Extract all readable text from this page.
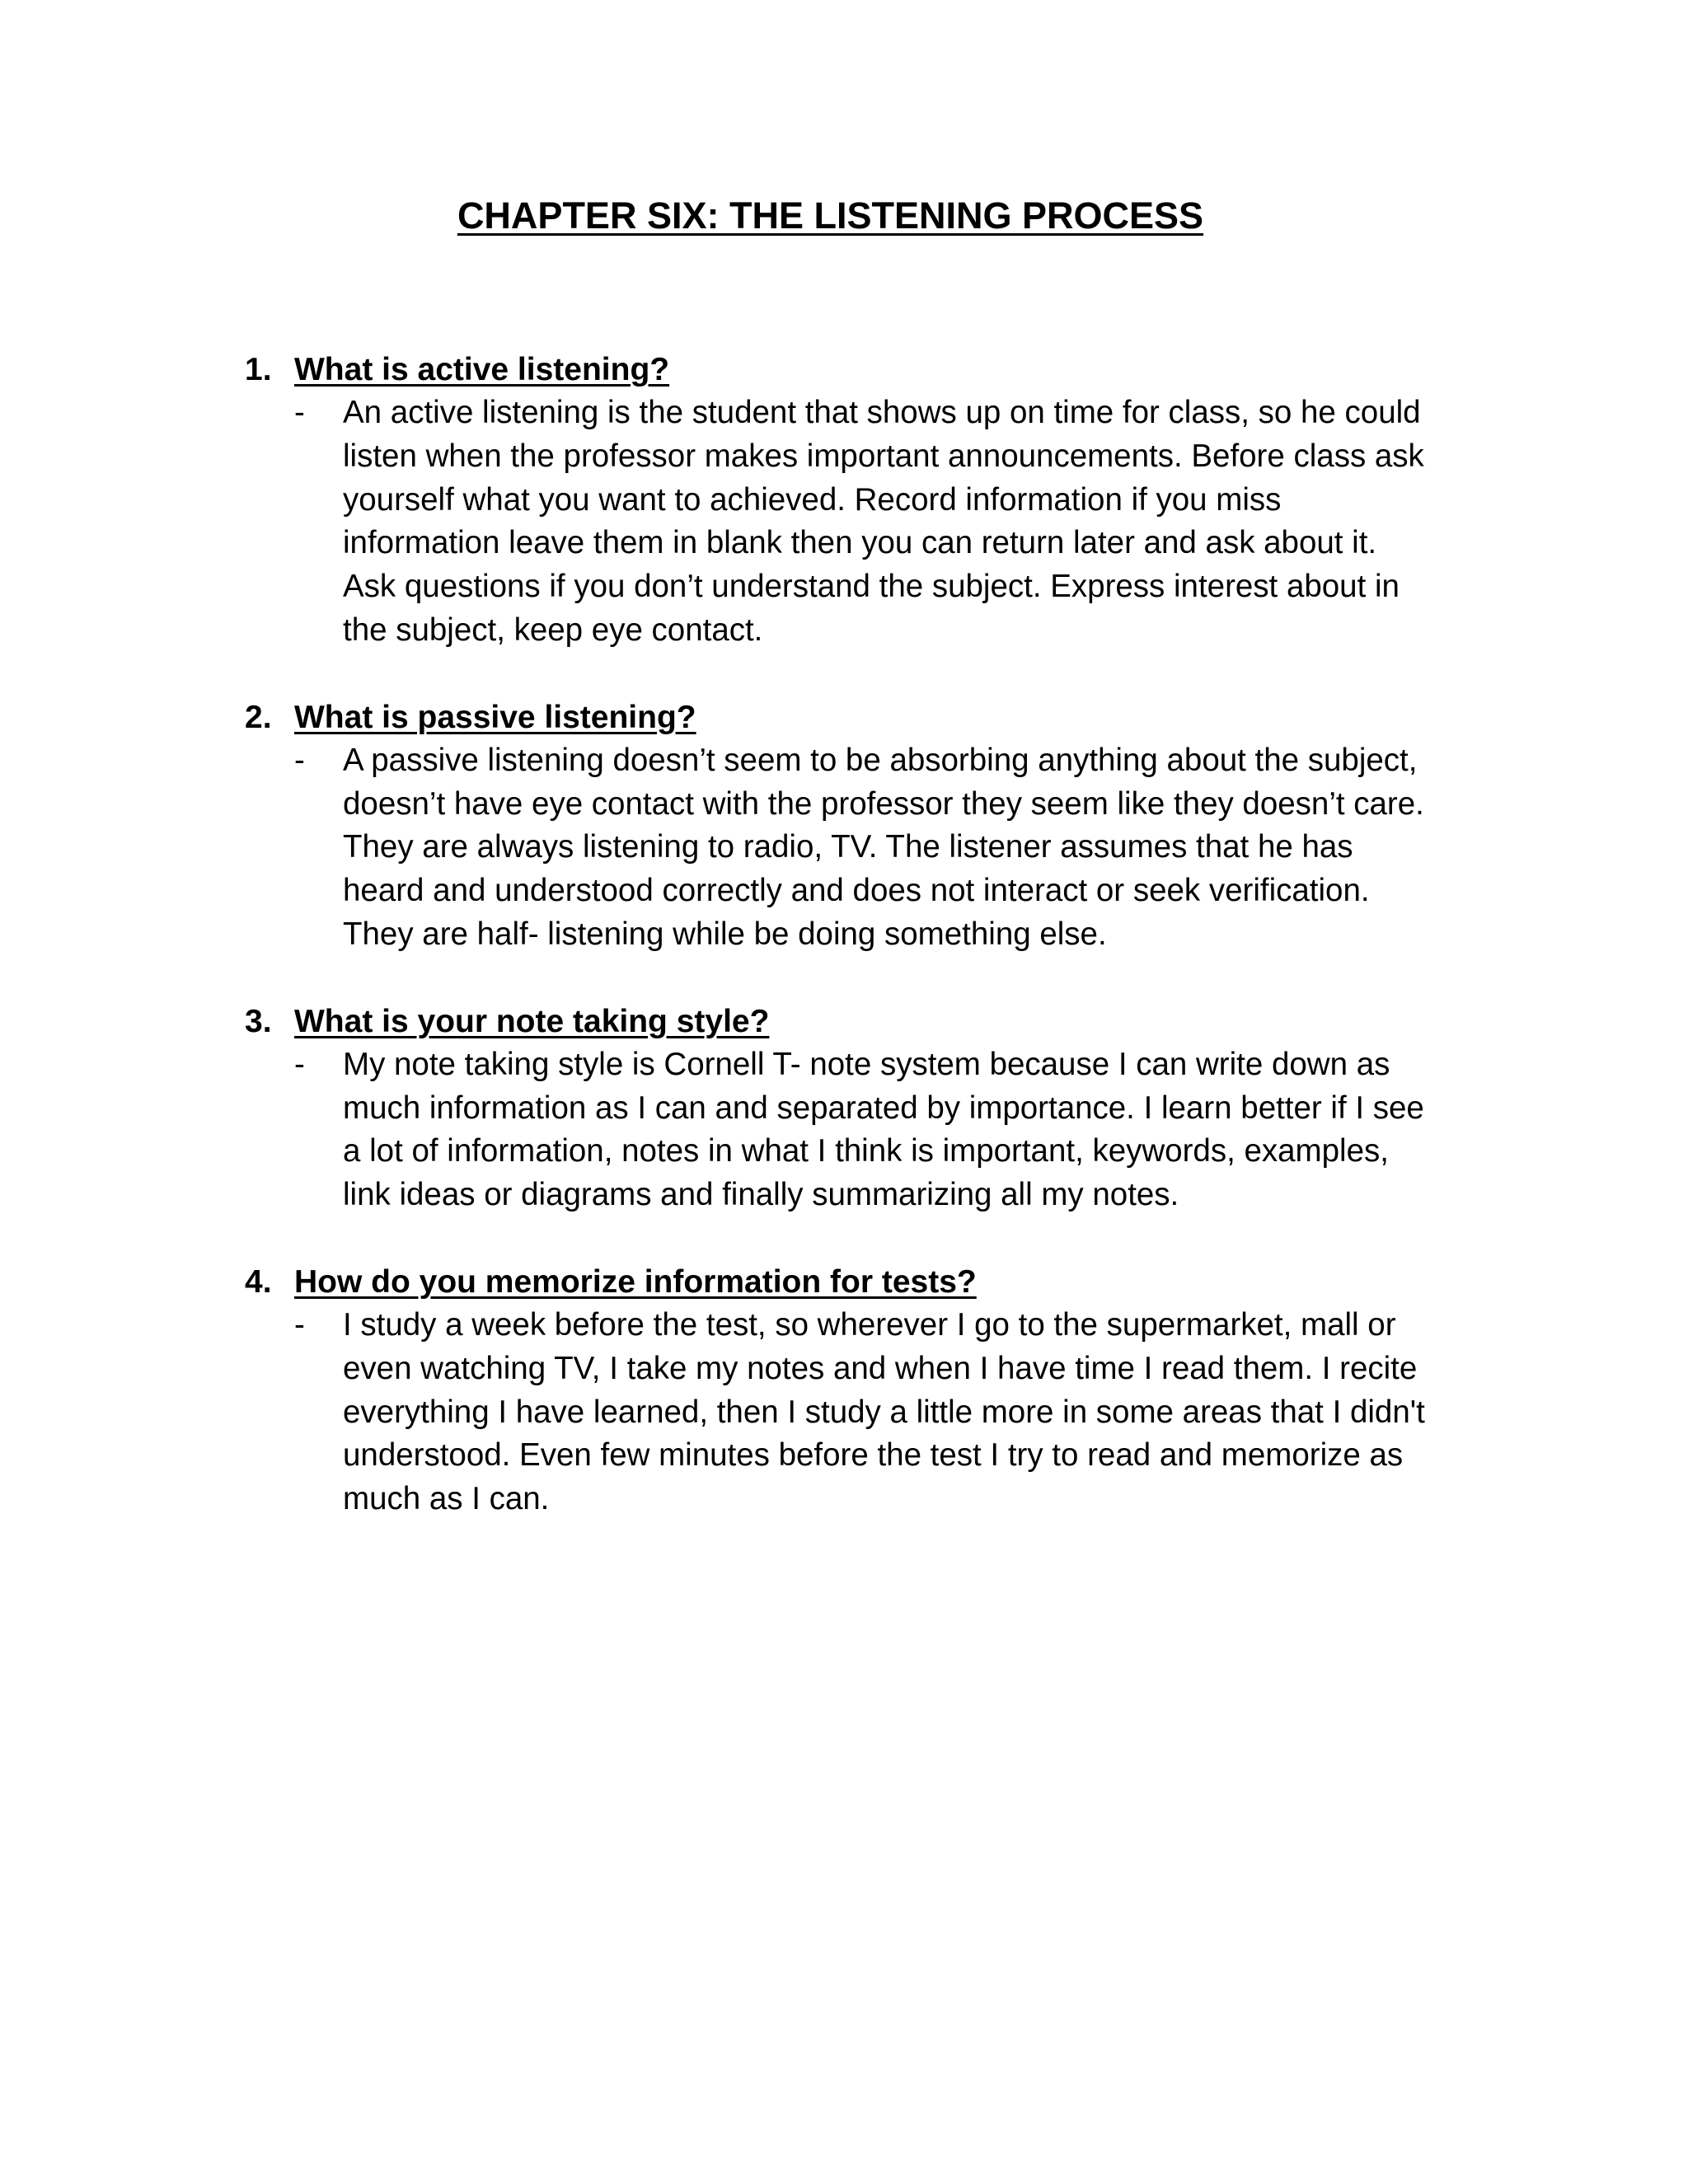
CHAPTER SIX: THE LISTENING PROCESS
1. What is active listening?
- An active listening is the student that shows up on time for class, so he could
listen when the professor makes important announcements. Before class ask
yourself what you want to achieved. Record information if you miss
information leave them in blank then you can return later and ask about it.
Ask questions if you don’t understand the subject. Express interest about in
the subject, keep eye contact.
2. What is passive listening?
- A passive listening doesn’t seem to be absorbing anything about the subject,
doesn’t have eye contact with the professor they seem like they doesn’t care.
They are always listening to radio, TV. The listener assumes that he has
heard and understood correctly and does not interact or seek verification.
They are half- listening while be doing something else.
3. What is your note taking style?
- My note taking style is Cornell T- note system because I can write down as
much information as I can and separated by importance. I learn better if I see
a lot of information, notes in what I think is important, keywords, examples,
link ideas or diagrams and finally summarizing all my notes.
4. How do you memorize information for tests?
- I study a week before the test, so wherever I go to the supermarket, mall or
even watching TV, I take my notes and when I have time I read them. I recite
everything I have learned, then I study a little more in some areas that I didn't
understood. Even few minutes before the test I try to read and memorize as
much as I can.
